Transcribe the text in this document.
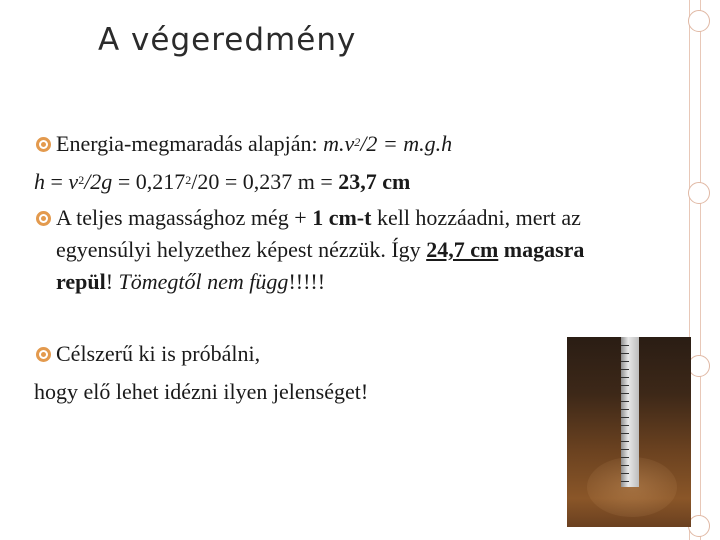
A végeredmény
Energia-megmaradás alapján: $m.v^2/2 = m.g.h$
$h = v^2/2g = 0,217^2/20 = 0,237$ m = 23,7 cm
A teljes magassághoz még + 1 cm-t kell hozzáadni, mert az
egyensúlyi helyzethez képest nézzük. Így 24,7 cm magasra
repül! Tömegtől nem függ!!!!!
Célszerű ki is próbálni,
hogy elő lehet idézni ilyen jelenséget!
